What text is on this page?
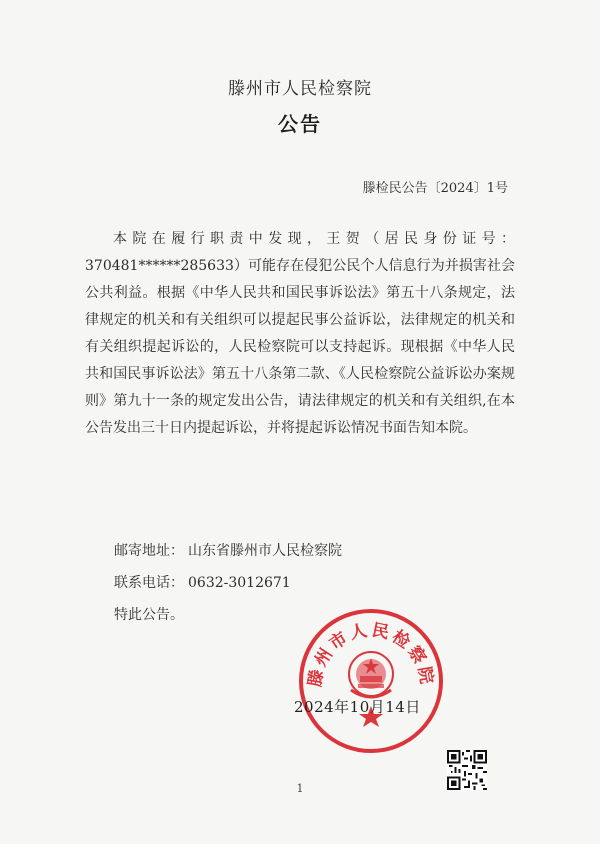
滕州市人民检察院
公告
滕检民公告〔2024〕1号

本院在履行职责中发现，王贺（居民身份证号：370481******285633）可能存在侵犯公民个人信息行为并损害社会公共利益。根据《中华人民共和国民事诉讼法》第五十八条规定，法律规定的机关和有关组织可以提起民事公益诉讼，法律规定的机关和有关组织提起诉讼的，人民检察院可以支持起诉。现根据《中华人民共和国民事诉讼法》第五十八条第二款、《人民检察院公益诉讼办案规则》第九十一条的规定发出公告，请法律规定的机关和有关组织,在本公告发出三十日内提起诉讼，并将提起诉讼情况书面告知本院。

邮寄地址： 山东省滕州市人民检察院
联系电话： 0632-3012671
特此公告。
滕州市人民检察院
2024年10月14日
1
